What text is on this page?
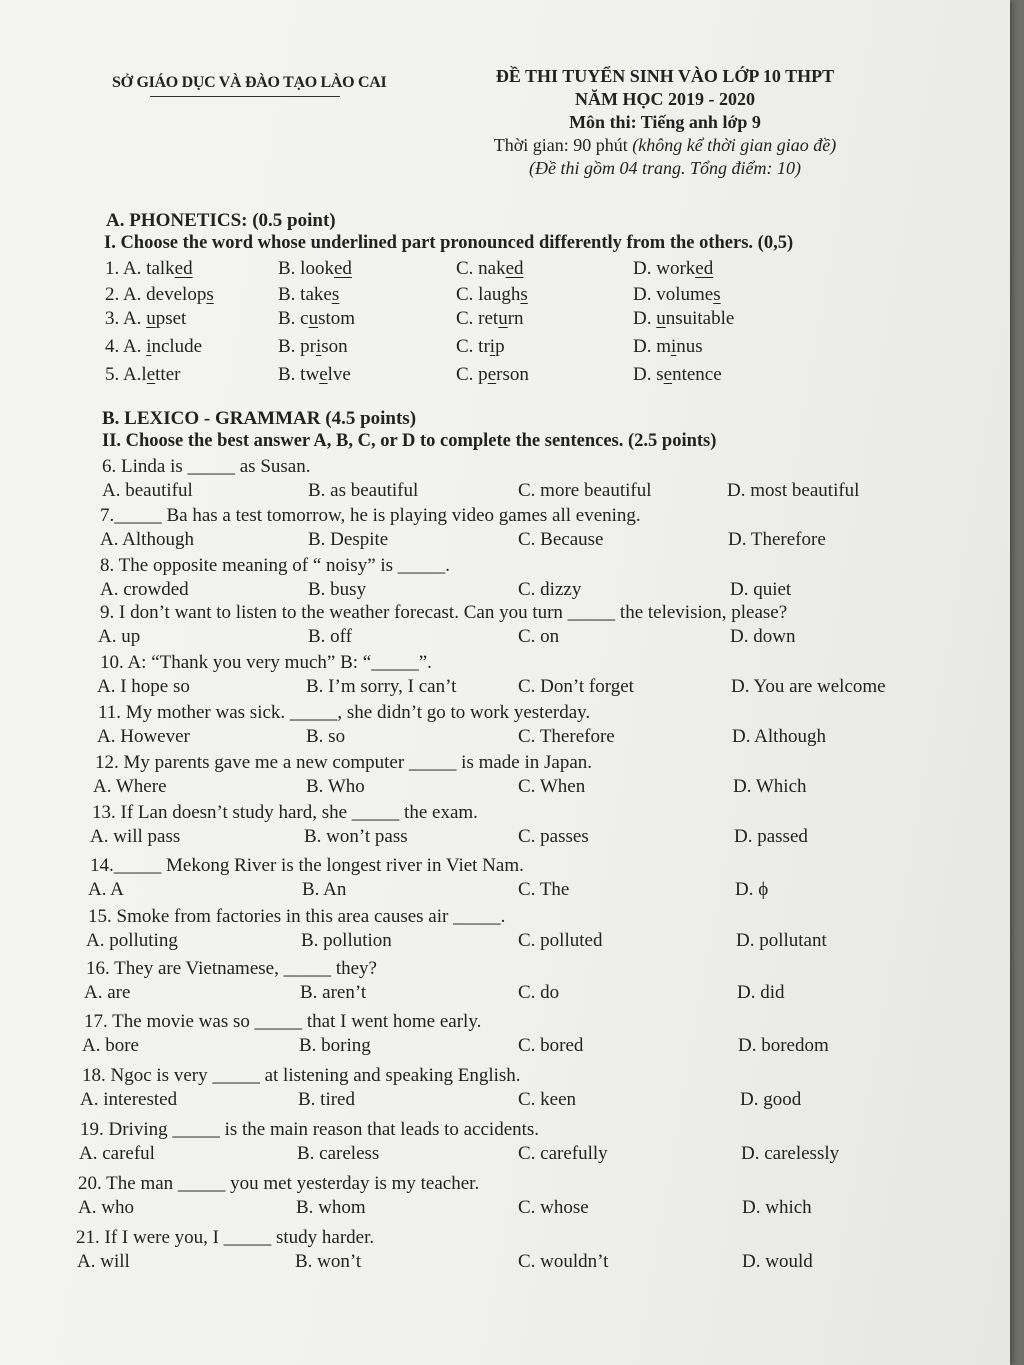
SỞ GIÁO DỤC VÀ ĐÀO TẠO LÀO CAI	ĐỀ THI TUYỂN SINH VÀO LỚP 10 THPT
NĂM HỌC 2019 - 2020
Môn thi: Tiếng anh lớp 9
Thời gian: 90 phút (không kể thời gian giao đề)
(Đề thi gồm 04 trang. Tổng điểm: 10)
A. PHONETICS: (0.5 point)
I. Choose the word whose underlined part pronounced differently from the others. (0,5)
1. A. talked	B. looked	C. naked	D. worked
2. A. develops	B. takes	C. laughs	D. volumes
3. A. upset	B. custom	C. return	D. unsuitable
4. A. include	B. prison	C. trip	D. minus
5. A.letter	B. twelve	C. person	D. sentence
B. LEXICO - GRAMMAR (4.5 points)
II. Choose the best answer A, B, C, or D to complete the sentences. (2.5 points)
6. Linda is _____ as Susan.
A. beautiful	B. as beautiful	C. more beautiful	D. most beautiful
7._____ Ba has a test tomorrow, he is playing video games all evening.
A. Although	B. Despite	C. Because	D. Therefore
8. The opposite meaning of “ noisy” is _____.
A. crowded	B. busy	C. dizzy	D. quiet
9. I don’t want to listen to the weather forecast. Can you turn _____ the television, please?
A. up	B. off	C. on	D. down
10. A: “Thank you very much” B: “_____”.
A. I hope so	B. I’m sorry, I can’t	C. Don’t forget	D. You are welcome
11. My mother was sick. _____, she didn’t go to work yesterday.
A. However	B. so	C. Therefore	D. Although
12. My parents gave me a new computer _____ is made in Japan.
A. Where	B. Who	C. When	D. Which
13. If Lan doesn’t study hard, she _____ the exam.
A. will pass	B. won’t pass	C. passes	D. passed
14._____ Mekong River is the longest river in Viet Nam.
A. A	B. An	C. The	D. ϕ
15. Smoke from factories in this area causes air _____.
A. polluting	B. pollution	C. polluted	D. pollutant
16. They are Vietnamese, _____ they?
A. are	B. aren’t	C. do	D. did
17. The movie was so _____ that I went home early.
A. bore	B. boring	C. bored	D. boredom
18. Ngoc is very _____ at listening and speaking English.
A. interested	B. tired	C. keen	D. good
19. Driving _____ is the main reason that leads to accidents.
A. careful	B. careless	C. carefully	D. carelessly
20. The man _____ you met yesterday is my teacher.
A. who	B. whom	C. whose	D. which
21. If I were you, I _____ study harder.
A. will	B. won’t	C. wouldn’t	D. would
